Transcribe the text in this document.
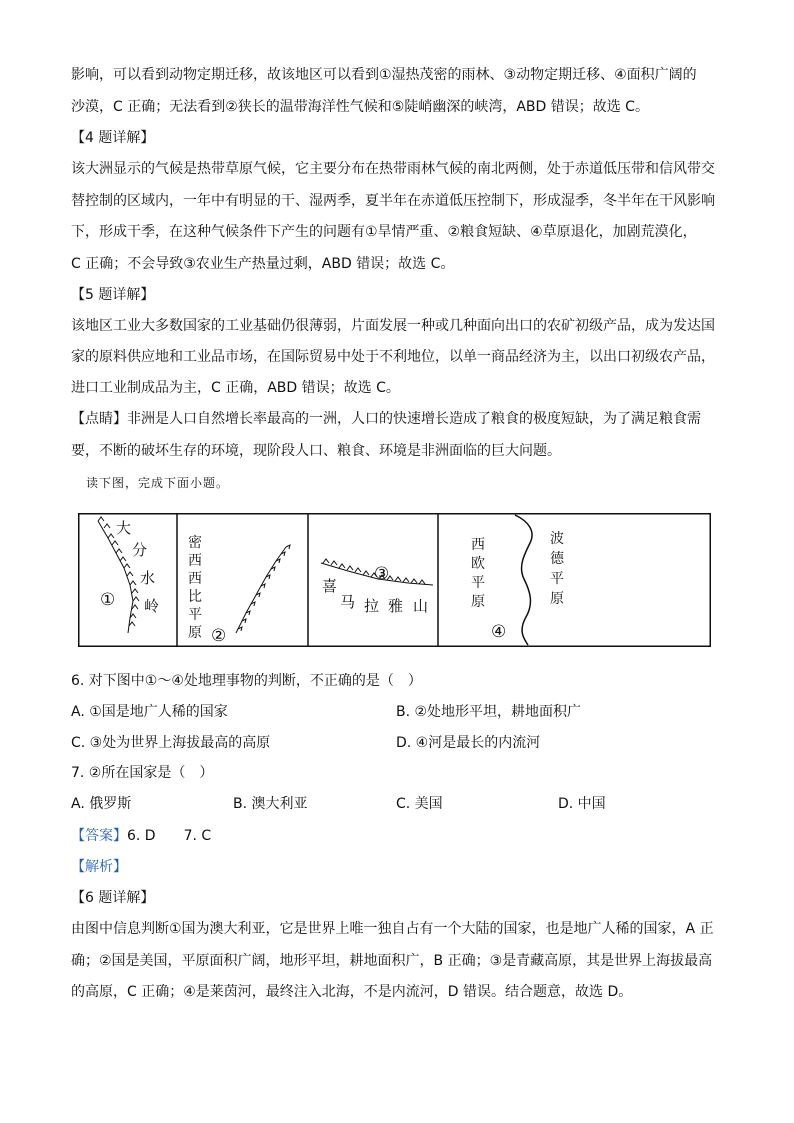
影响，可以看到动物定期迁移，故该地区可以看到①湿热茂密的雨林、③动物定期迁移、④面积广阔的
沙漠，C 正确；无法看到②狭长的温带海洋性气候和⑤陡峭幽深的峡湾，ABD 错误；故选 C。
【4 题详解】
该大洲显示的气候是热带草原气候，它主要分布在热带雨林气候的南北两侧，处于赤道低压带和信风带交
替控制的区域内，一年中有明显的干、湿两季，夏半年在赤道低压控制下，形成湿季，冬半年在干风影响
下，形成干季，在这种气候条件下产生的问题有①旱情严重、②粮食短缺、④草原退化，加剧荒漠化，
C 正确；不会导致③农业生产热量过剩，ABD 错误；故选 C。
【5 题详解】
该地区工业大多数国家的工业基础仍很薄弱，片面发展一种或几种面向出口的农矿初级产品，成为发达国
家的原料供应地和工业品市场，在国际贸易中处于不利地位，以单一商品经济为主，以出口初级农产品，
进口工业制成品为主，C 正确，ABD 错误；故选 C。
【点睛】非洲是人口自然增长率最高的一洲，人口的快速增长造成了粮食的极度短缺，为了满足粮食需
要，不断的破坏生存的环境，现阶段人口、粮食、环境是非洲面临的巨大问题。
读下图，完成下面小题。
大
分
水
岭
①
密
西
西
比
平
原 ②
喜
马 拉 雅 山
③
西
欧
平
原
波
德
平
原
④
6. 对下图中①～④处地理事物的判断，不正确的是（　）
A. ①国是地广人稀的国家	B. ②处地形平坦，耕地面积广
C. ③处为世界上海拔最高的高原	D. ④河是最长的内流河
7. ②所在国家是（　）
A. 俄罗斯	B. 澳大利亚	C. 美国	D. 中国
【答案】6. D　　7. C
【解析】
【6 题详解】
由图中信息判断①国为澳大利亚，它是世界上唯一独自占有一个大陆的国家，也是地广人稀的国家，A 正
确；②国是美国，平原面积广阔，地形平坦，耕地面积广，B 正确；③是青藏高原，其是世界上海拔最高
的高原，C 正确；④是莱茵河，最终注入北海，不是内流河，D 错误。结合题意，故选 D。
